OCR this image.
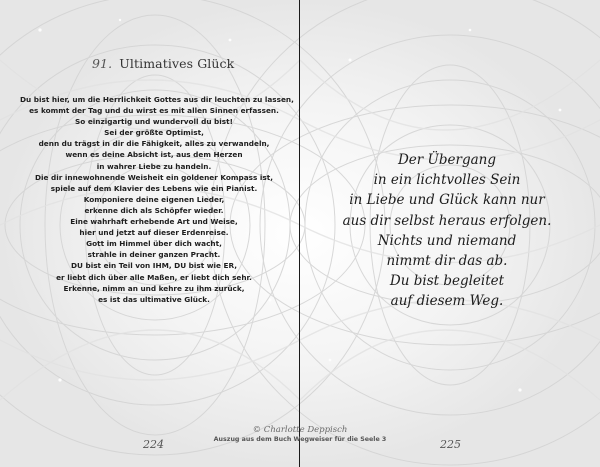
91. Ultimatives Glück
Du bist hier, um die Herrlichkeit Gottes aus dir leuchten zu lassen,
es kommt der Tag und du wirst es mit allen Sinnen erfassen.
So einzigartig und wundervoll du bist!
Sei der größte Optimist,
denn du trägst in dir die Fähigkeit, alles zu verwandeln,
wenn es deine Absicht ist, aus dem Herzen
in wahrer Liebe zu handeln.
Die dir innewohnende Weisheit ein goldener Kompass ist,
spiele auf dem Klavier des Lebens wie ein Pianist.
Komponiere deine eigenen Lieder,
erkenne dich als Schöpfer wieder.
Eine wahrhaft erhebende Art und Weise,
hier und jetzt auf dieser Erdenreise.
Gott im Himmel über dich wacht,
strahle in deiner ganzen Pracht.
DU bist ein Teil von IHM, DU bist wie ER,
er liebt dich über alle Maßen, er liebt dich sehr.
Erkenne, nimm an und kehre zu ihm zurück,
es ist das ultimative Glück.
Der Übergang
in ein lichtvolles Sein
in Liebe und Glück kann nur
aus dir selbst heraus erfolgen.
Nichts und niemand
nimmt dir das ab.
Du bist begleitet
auf diesem Weg.
© Charlotte Deppisch
Auszug aus dem Buch Wegweiser für die Seele 3
224	225
